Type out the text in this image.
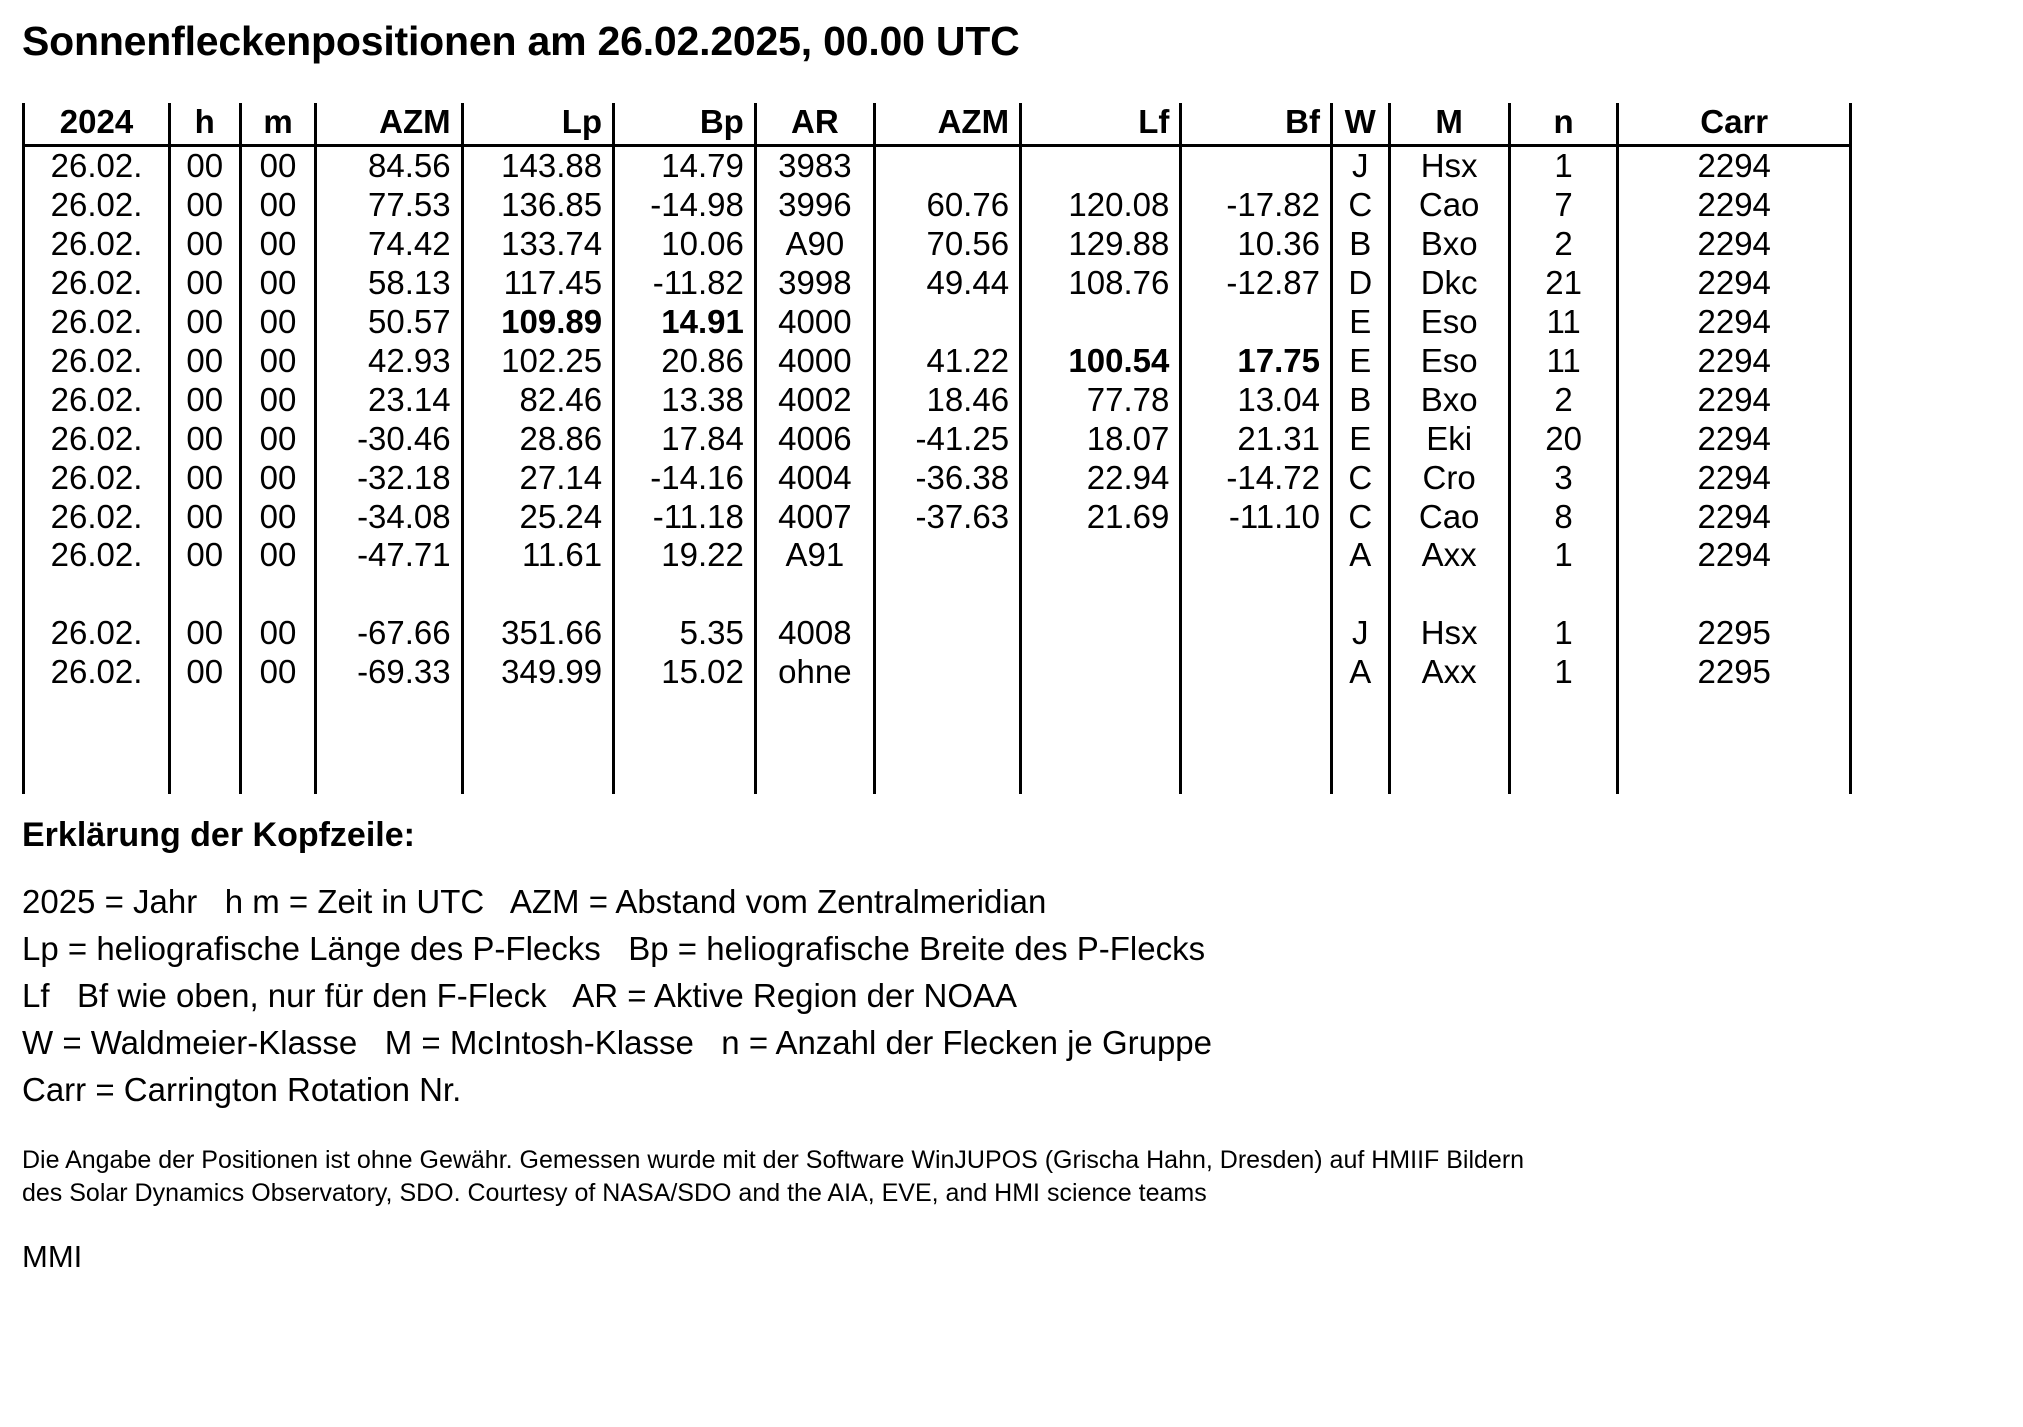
Sonnenfleckenpositionen am 26.02.2025, 00.00 UTC
2024	h	m	AZM	Lp	Bp	AR	AZM	Lf	Bf	W	M	n	Carr
26.02.	00	00	84.56	143.88	14.79	3983				J	Hsx	1	2294
26.02.	00	00	77.53	136.85	-14.98	3996	60.76	120.08	-17.82	C	Cao	7	2294
26.02.	00	00	74.42	133.74	10.06	A90	70.56	129.88	10.36	B	Bxo	2	2294
26.02.	00	00	58.13	117.45	-11.82	3998	49.44	108.76	-12.87	D	Dkc	21	2294
26.02.	00	00	50.57	109.89	14.91	4000				E	Eso	11	2294
26.02.	00	00	42.93	102.25	20.86	4000	41.22	100.54	17.75	E	Eso	11	2294
26.02.	00	00	23.14	82.46	13.38	4002	18.46	77.78	13.04	B	Bxo	2	2294
26.02.	00	00	-30.46	28.86	17.84	4006	-41.25	18.07	21.31	E	Eki	20	2294
26.02.	00	00	-32.18	27.14	-14.16	4004	-36.38	22.94	-14.72	C	Cro	3	2294
26.02.	00	00	-34.08	25.24	-11.18	4007	-37.63	21.69	-11.10	C	Cao	8	2294
26.02.	00	00	-47.71	11.61	19.22	A91				A	Axx	1	2294

26.02.	00	00	-67.66	351.66	5.35	4008				J	Hsx	1	2295
26.02.	00	00	-69.33	349.99	15.02	ohne				A	Axx	1	2295

Erklärung der Kopfzeile:
2025 = Jahr   h m = Zeit in UTC   AZM = Abstand vom Zentralmeridian
Lp = heliografische Länge des P-Flecks   Bp = heliografische Breite des P-Flecks
Lf   Bf wie oben, nur für den F-Fleck   AR = Aktive Region der NOAA
W = Waldmeier-Klasse   M = McIntosh-Klasse   n = Anzahl der Flecken je Gruppe
Carr = Carrington Rotation Nr.
Die Angabe der Positionen ist ohne Gewähr. Gemessen wurde mit der Software WinJUPOS (Grischa Hahn, Dresden) auf HMIIF Bildern
des Solar Dynamics Observatory, SDO. Courtesy of NASA/SDO and the AIA, EVE, and HMI science teams
MMI
